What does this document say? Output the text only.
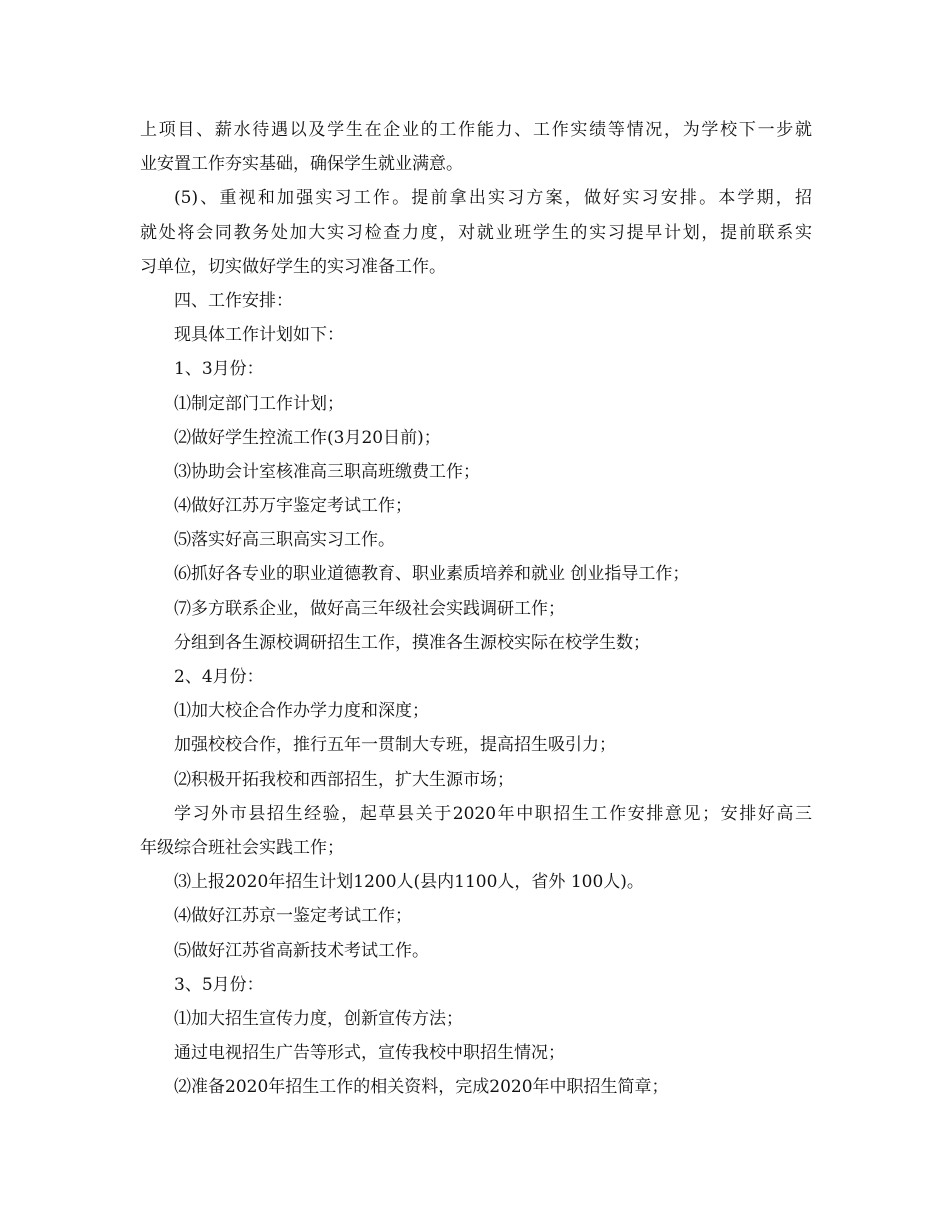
上项目、薪水待遇以及学生在企业的工作能力、工作实绩等情况，为学校下一步就
业安置工作夯实基础，确保学生就业满意。
(5)、重视和加强实习工作。提前拿出实习方案，做好实习安排。本学期，招
就处将会同教务处加大实习检查力度，对就业班学生的实习提早计划，提前联系实
习单位，切实做好学生的实习准备工作。
四、工作安排：
现具体工作计划如下：
1、3月份：
⑴制定部门工作计划；
⑵做好学生控流工作(3月20日前)；
⑶协助会计室核准高三职高班缴费工作；
⑷做好江苏万宇鉴定考试工作；
⑸落实好高三职高实习工作。
⑹抓好各专业的职业道德教育、职业素质培养和就业 创业指导工作；
⑺多方联系企业，做好高三年级社会实践调研工作；
分组到各生源校调研招生工作，摸准各生源校实际在校学生数；
2、4月份：
⑴加大校企合作办学力度和深度；
加强校校合作，推行五年一贯制大专班，提高招生吸引力；
⑵积极开拓我校和西部招生，扩大生源市场；
学习外市县招生经验，起草县关于2020年中职招生工作安排意见；安排好高三
年级综合班社会实践工作；
⑶上报2020年招生计划1200人(县内1100人，省外 100人)。
⑷做好江苏京一鉴定考试工作；
⑸做好江苏省高新技术考试工作。
3、5月份：
⑴加大招生宣传力度，创新宣传方法；
通过电视招生广告等形式，宣传我校中职招生情况；
⑵准备2020年招生工作的相关资料，完成2020年中职招生简章；
